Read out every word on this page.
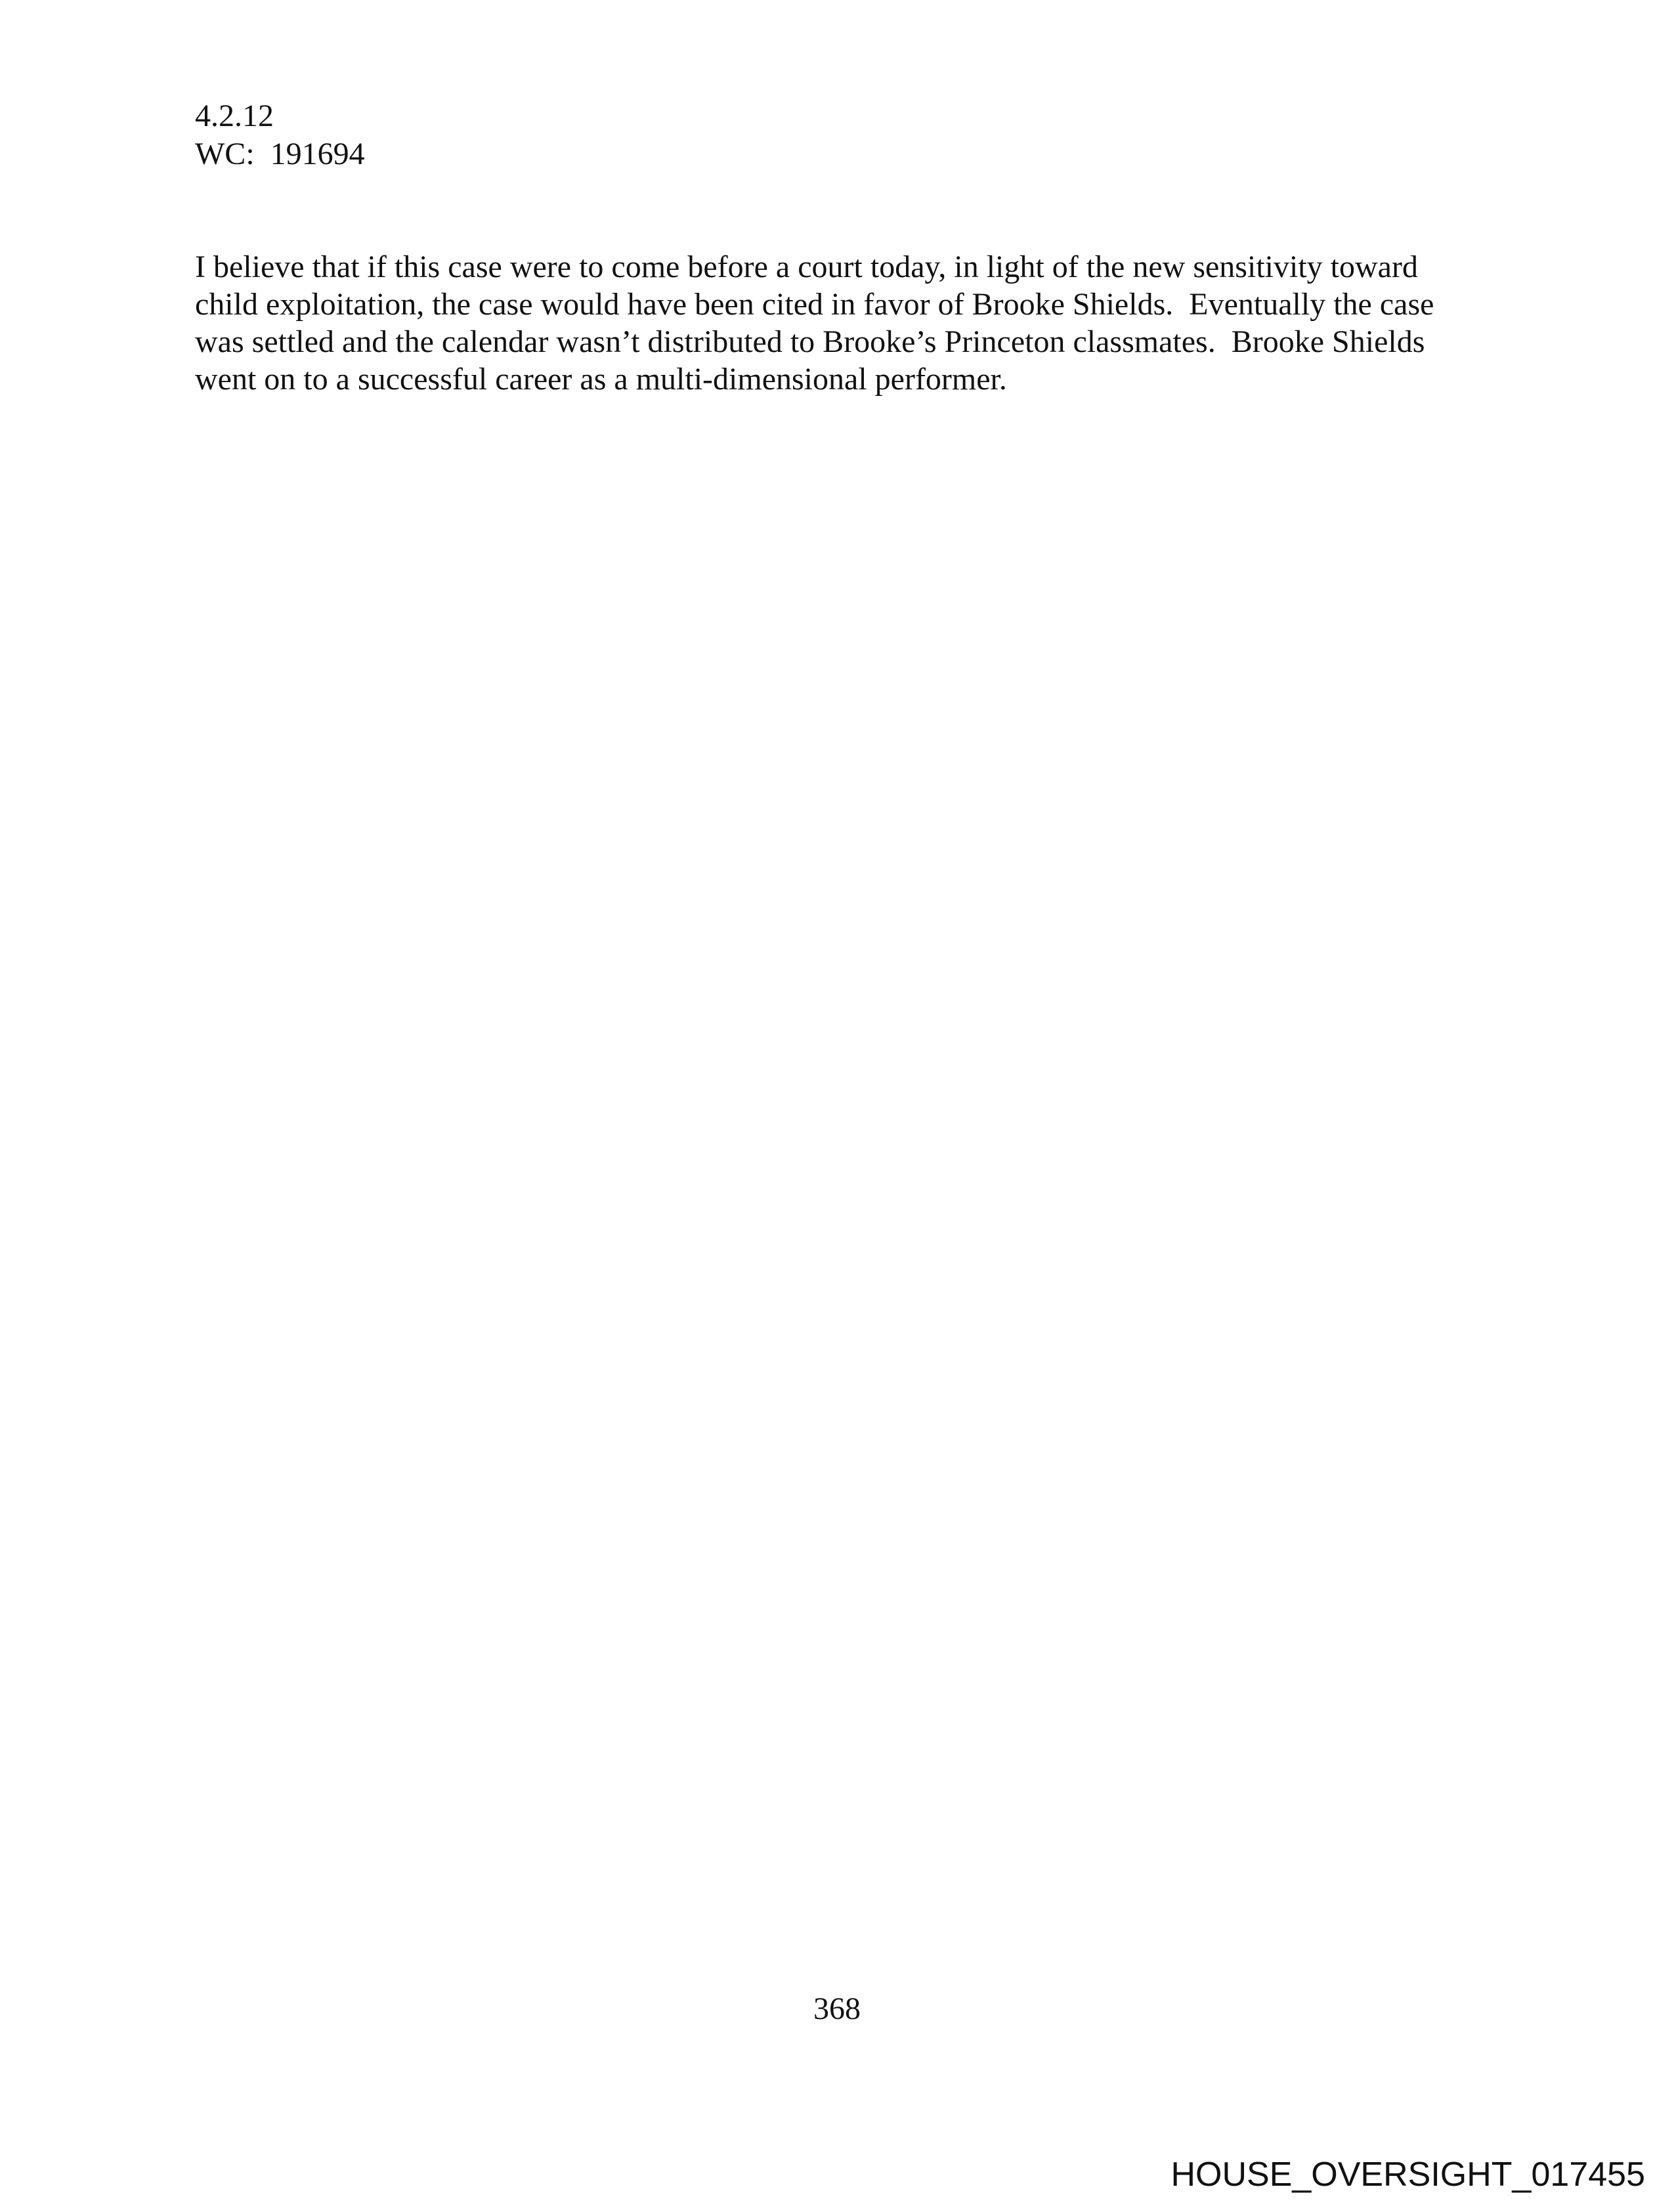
4.2.12
WC:  191694
I believe that if this case were to come before a court today, in light of the new sensitivity toward
child exploitation, the case would have been cited in favor of Brooke Shields.  Eventually the case
was settled and the calendar wasn’t distributed to Brooke’s Princeton classmates.  Brooke Shields
went on to a successful career as a multi-dimensional performer.
368
HOUSE_OVERSIGHT_017455
